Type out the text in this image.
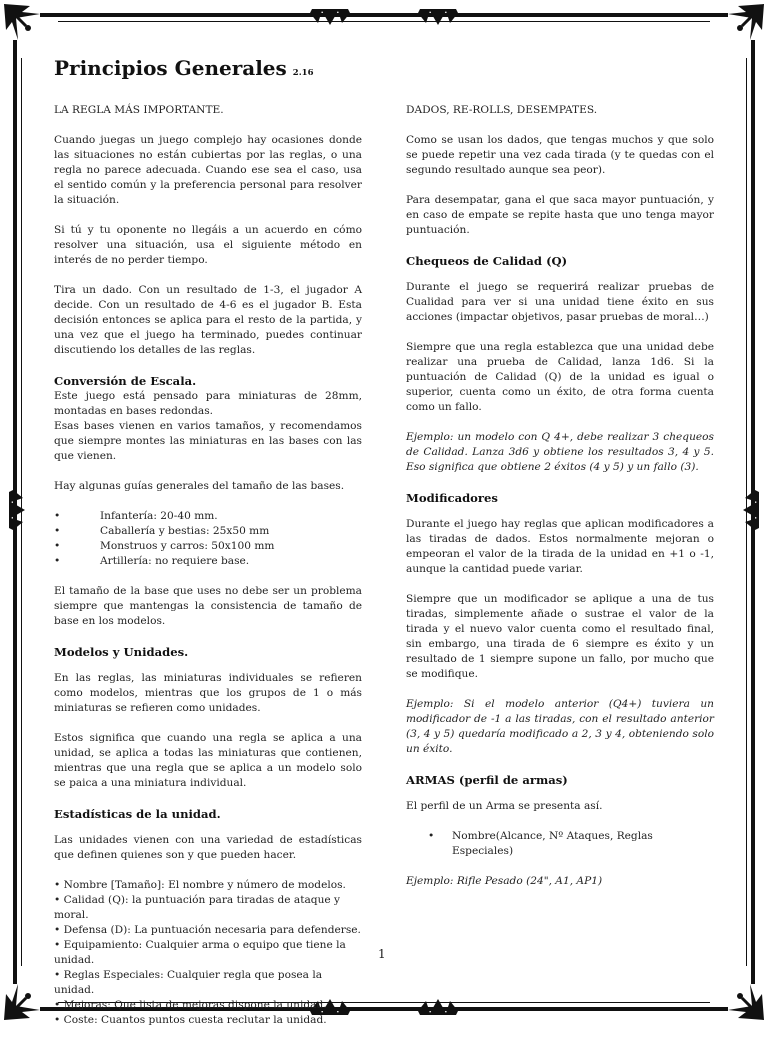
Principios Generales 2.16

LA REGLA MÁS IMPORTANTE.

Cuando juegas un juego complejo hay ocasiones donde las situaciones no están cubiertas por las reglas, o una regla no parece adecuada. Cuando ese sea el caso, usa el sentido común y la preferencia personal para resolver la situación.

Si tú y tu oponente no llegáis a un acuerdo en cómo resolver una situación, usa el siguiente método en interés de no perder tiempo.

Tira un dado. Con un resultado de 1-3, el jugador A decide. Con un resultado de 4-6 es el jugador B. Esta decisión entonces se aplica para el resto de la partida, y una vez que el juego ha terminado, puedes continuar discutiendo los detalles de las reglas.

Conversión de Escala.

Este juego está pensado para miniaturas de 28mm, montadas en bases redondas.

Esas bases vienen en varios tamaños, y recomendamos que siempre montes las miniaturas en las bases con las que vienen.

Hay algunas guías generales del tamaño de las bases.

• Infantería: 20-40 mm.
• Caballería y bestias: 25x50 mm
• Monstruos y carros: 50x100 mm
• Artillería: no requiere base.

El tamaño de la base que uses no debe ser un problema siempre que mantengas la consistencia de tamaño de base en los modelos.

Modelos y Unidades.

En las reglas, las miniaturas individuales se refieren como modelos, mientras que los grupos de 1 o más miniaturas se refieren como unidades.

Estos significa que cuando una regla se aplica a una unidad, se aplica a todas las miniaturas que contienen, mientras que una regla que se aplica a un modelo solo se paica a una miniatura individual.

Estadísticas de la unidad.

Las unidades vienen con una variedad de estadísticas que definen quienes son y que pueden hacer.

• Nombre [Tamaño]: El nombre y número de modelos.
• Calidad (Q): la puntuación para tiradas de ataque y moral.
• Defensa (D): La puntuación necesaria para defenderse.
• Equipamiento: Cualquier arma o equipo que tiene la unidad.
• Reglas Especiales: Cualquier regla que posea la unidad.
• Mejoras: Que lista de mejoras dispone la unidad.
• Coste: Cuantos puntos cuesta reclutar la unidad.

DADOS, RE-ROLLS, DESEMPATES.

Como se usan los dados, que tengas muchos y que solo se puede repetir una vez cada tirada (y te quedas con el segundo resultado aunque sea peor).

Para desempatar, gana el que saca mayor puntuación, y en caso de empate se repite hasta que uno tenga mayor puntuación.

Chequeos de Calidad (Q)

Durante el juego se requerirá realizar pruebas de Cualidad para ver si una unidad tiene éxito en sus acciones (impactar objetivos, pasar pruebas de moral…)

Siempre que una regla establezca que una unidad debe realizar una prueba de Calidad, lanza 1d6. Si la puntuación de Calidad (Q) de la unidad es igual o superior, cuenta como un éxito, de otra forma cuenta como un fallo.

Ejemplo: un modelo con Q 4+, debe realizar 3 chequeos de Calidad. Lanza 3d6 y obtiene los resultados 3, 4 y 5. Eso significa que obtiene 2 éxitos (4 y 5) y un fallo (3).

Modificadores

Durante el juego hay reglas que aplican modificadores a las tiradas de dados. Estos normalmente mejoran o empeoran el valor de la tirada de la unidad en +1 o -1, aunque la cantidad puede variar.

Siempre que un modificador se aplique a una de tus tiradas, simplemente añade o sustrae el valor de la tirada y el nuevo valor cuenta como el resultado final, sin embargo, una tirada de 6 siempre es éxito y un resultado de 1 siempre supone un fallo, por mucho que se modifique.

Ejemplo: Si el modelo anterior (Q4+) tuviera un modificador de -1 a las tiradas, con el resultado anterior (3, 4 y 5) quedaría modificado a 2, 3 y 4, obteniendo solo un éxito.

ARMAS (perfil de armas)

El perfil de un Arma se presenta así.

• Nombre(Alcance, Nº Ataques, Reglas Especiales)

Ejemplo: Rifle Pesado (24", A1, AP1)

1
